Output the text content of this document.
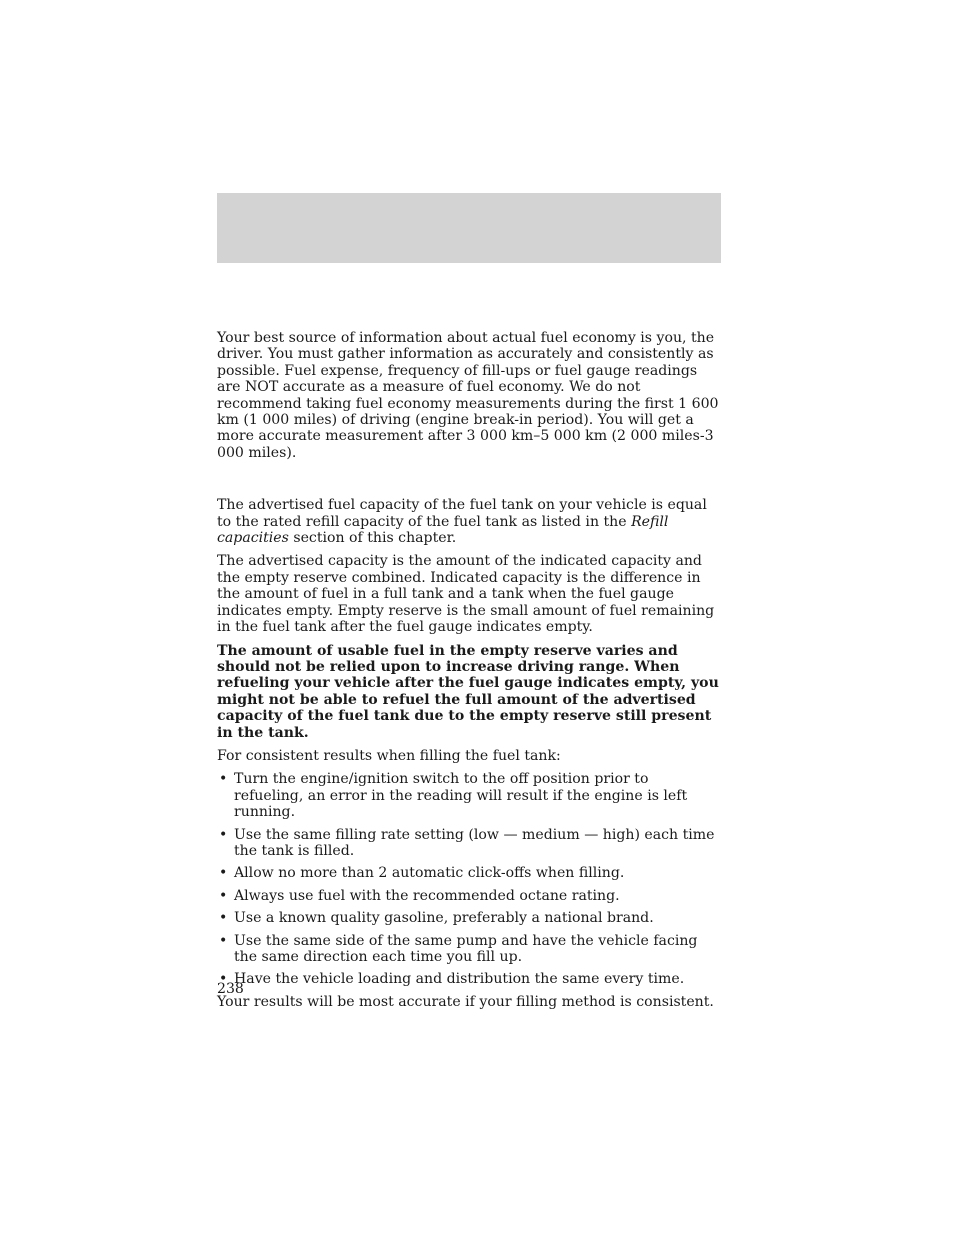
Your best source of information about actual fuel economy is you, the driver. You must gather information as accurately and consistently as possible. Fuel expense, frequency of fill-ups or fuel gauge readings are NOT accurate as a measure of fuel economy. We do not recommend taking fuel economy measurements during the first 1 600 km (1 000 miles) of driving (engine break-in period). You will get a more accurate measurement after 3 000 km–5 000 km (2 000 miles-3 000 miles).

The advertised fuel capacity of the fuel tank on your vehicle is equal to the rated refill capacity of the fuel tank as listed in the Refill capacities section of this chapter.

The advertised capacity is the amount of the indicated capacity and the empty reserve combined. Indicated capacity is the difference in the amount of fuel in a full tank and a tank when the fuel gauge indicates empty. Empty reserve is the small amount of fuel remaining in the fuel tank after the fuel gauge indicates empty.

The amount of usable fuel in the empty reserve varies and should not be relied upon to increase driving range. When refueling your vehicle after the fuel gauge indicates empty, you might not be able to refuel the full amount of the advertised capacity of the fuel tank due to the empty reserve still present in the tank.

For consistent results when filling the fuel tank:

• Turn the engine/ignition switch to the off position prior to refueling, an error in the reading will result if the engine is left running.
• Use the same filling rate setting (low — medium — high) each time the tank is filled.
• Allow no more than 2 automatic click-offs when filling.
• Always use fuel with the recommended octane rating.
• Use a known quality gasoline, preferably a national brand.
• Use the same side of the same pump and have the vehicle facing the same direction each time you fill up.
• Have the vehicle loading and distribution the same every time.

Your results will be most accurate if your filling method is consistent.

238
